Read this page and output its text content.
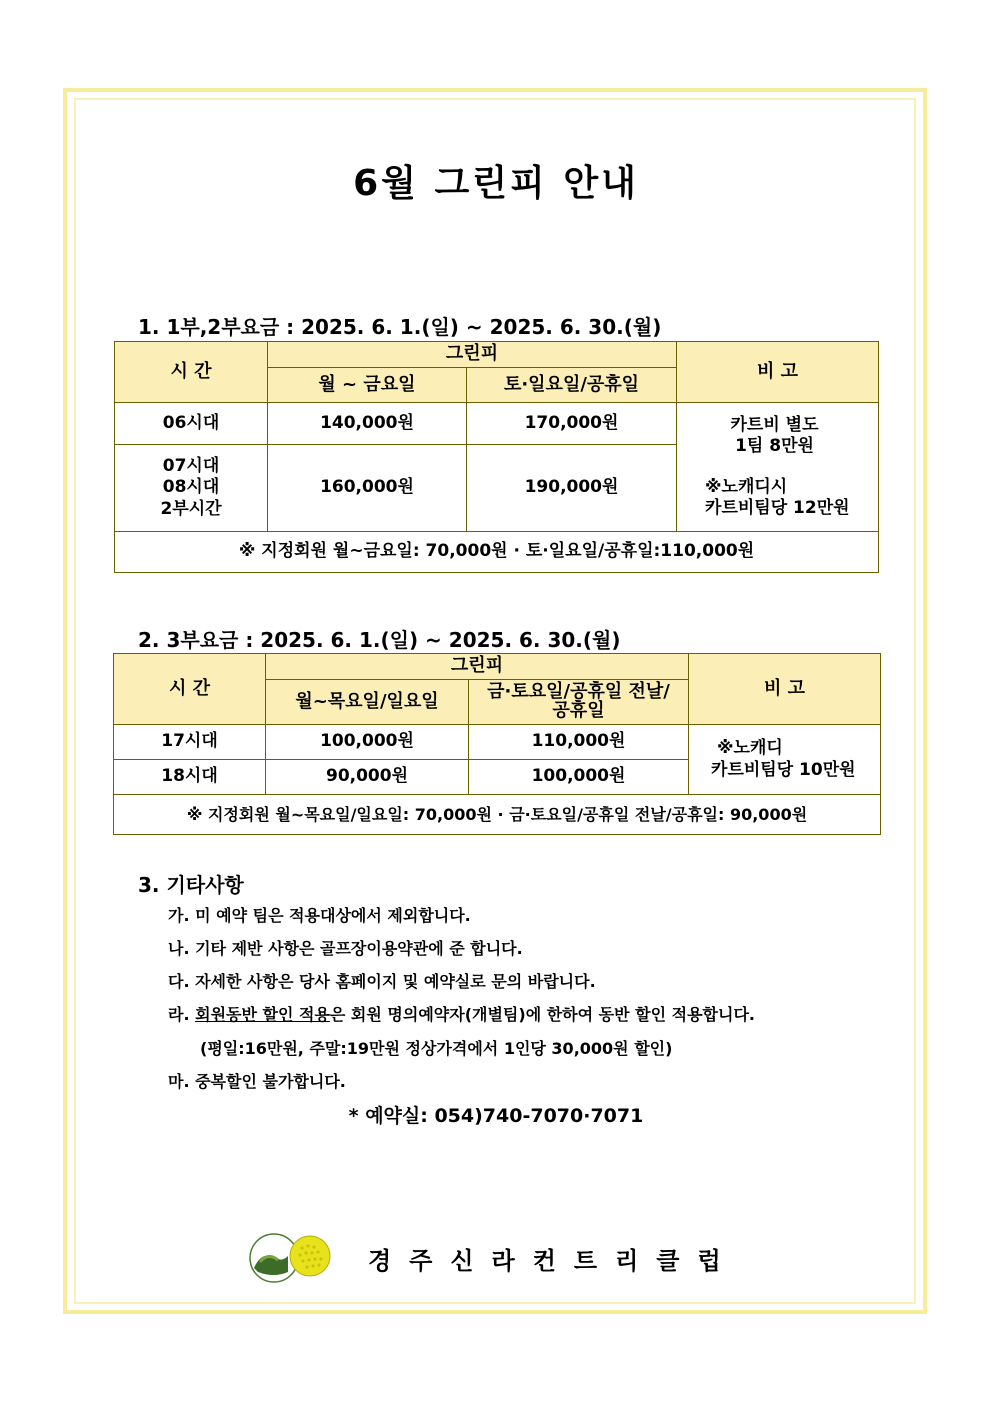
6월 그린피 안내
1. 1부,2부요금 : 2025. 6. 1.(일) ~ 2025. 6. 30.(월)
시 간	그린피		비 고
	월 ~ 금요일	토·일요일/공휴일	
06시대	140,000원	170,000원	카트비 별도
1팀 8만원
※노캐디시
카트비팀당 12만원

07시대
08시대
2부시간	160,000원	190,000원	
※ 지정회원 월~금요일: 70,000원 · 토·일요일/공휴일:110,000원			
2. 3부요금 : 2025. 6. 1.(일) ~ 2025. 6. 30.(월)
시 간	그린피		비 고
	월~목요일/일요일	금·토요일/공휴일 전날/
공휴일	

17시대	100,000원	110,000원	※노캐디
카트비팀당 10만원

18시대	90,000원	100,000원	
※ 지정회원 월~목요일/일요일: 70,000원 · 금·토요일/공휴일 전날/공휴일: 90,000원			
3. 기타사항
가. 미 예약 팀은 적용대상에서 제외합니다.
나. 기타 제반 사항은 골프장이용약관에 준 합니다.
다. 자세한 사항은 당사 홈페이지 및 예약실로 문의 바랍니다.
라. 회원동반 할인 적용은 회원 명의예약자(개별팀)에 한하여 동반 할인 적용합니다.
(평일:16만원, 주말:19만원 정상가격에서 1인당 30,000원 할인)
마. 중복할인 불가합니다.
* 예약실: 054)740-7070·7071
경주신라컨트리클럽
